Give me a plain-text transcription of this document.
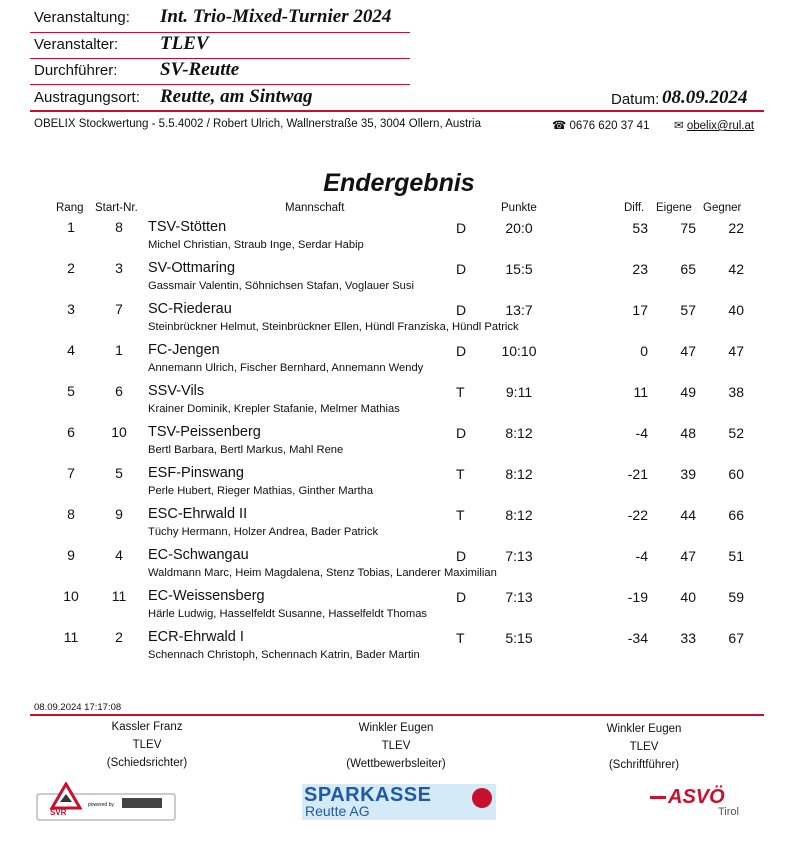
Veranstaltung: Int. Trio-Mixed-Turnier 2024
Veranstalter: TLEV
Durchführer: SV-Reutte
Austragungsort: Reutte, am Sintwag	Datum: 08.09.2024
OBELIX Stockwertung - 5.5.4002 / Robert Ulrich, Wallnerstraße 35, 3004 Ollern, Austria	☎ 0676 620 37 41 ✉ obelix@rul.at
Endergebnis
Rang Start-Nr.	Mannschaft	Punkte	Diff. Eigene Gegner
1	8	TSV-Stötten	D	20:0	53	75	22
Michel Christian, Straub Inge, Serdar Habip
2	3	SV-Ottmaring	D	15:5	23	65	42
Gassmair Valentin, Söhnichsen Stafan, Voglauer Susi
3	7	SC-Riederau	D	13:7	17	57	40
Steinbrückner Helmut, Steinbrückner Ellen, Hündl Franziska, Hündl Patrick
4	1	FC-Jengen	D	10:10	0	47	47
Annemann Ulrich, Fischer Bernhard, Annemann Wendy
5	6	SSV-Vils	T	9:11	11	49	38
Krainer Dominik, Krepler Stafanie, Melmer Mathias
6	10	TSV-Peissenberg	D	8:12	-4	48	52
Bertl Barbara, Bertl Markus, Mahl Rene
7	5	ESF-Pinswang	T	8:12	-21	39	60
Perle Hubert, Rieger Mathias, Ginther Martha
8	9	ESC-Ehrwald II	T	8:12	-22	44	66
Tüchy Hermann, Holzer Andrea, Bader Patrick
9	4	EC-Schwangau	D	7:13	-4	47	51
Waldmann Marc, Heim Magdalena, Stenz Tobias, Landerer Maximilian
10	11	EC-Weissensberg	D	7:13	-19	40	59
Härle Ludwig, Hasselfeldt Susanne, Hasselfeldt Thomas
11	2	ECR-Ehrwald I	T	5:15	-34	33	67
Schennach Christoph, Schennach Katrin, Bader Martin
08.09.2024 17:17:08
Kassler Franz
TLEV
(Schiedsrichter)
Winkler Eugen
TLEV
(Wettbewerbsleiter)
Winkler Eugen
TLEV
(Schriftführer)
SVR
powered by	SPARKASSE
Reutte AG
ASVÖ
Tirol
